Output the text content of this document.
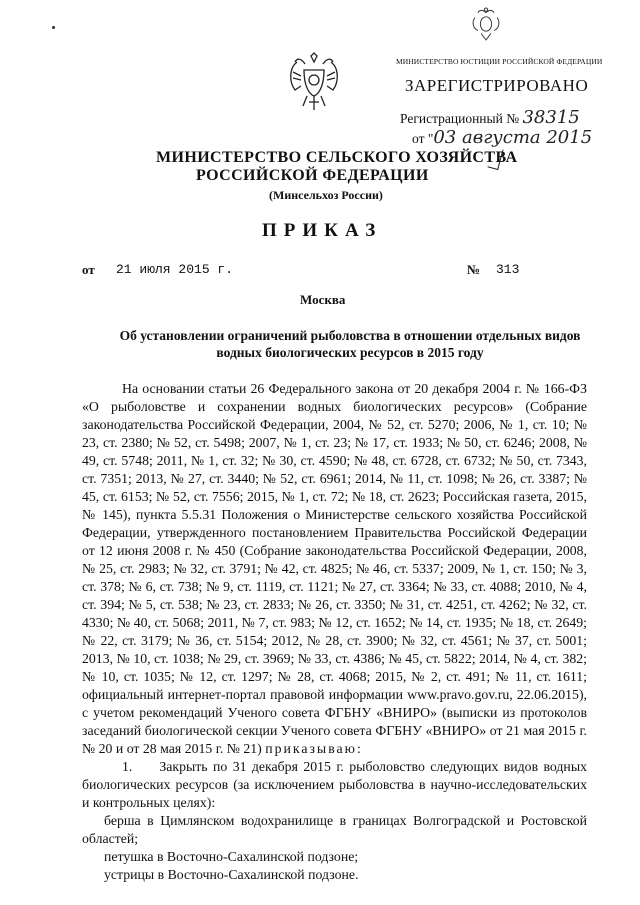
МИНИСТЕРСТВО ЮСТИЦИИ РОССИЙСКОЙ ФЕДЕРАЦИИ
ЗАРЕГИСТРИРОВАНО
Регистрационный № 38315
от "03 августа 2015
МИНИСТЕРСТВО СЕЛЬСКОГО ХОЗЯЙСТВА
РОССИЙСКОЙ ФЕДЕРАЦИИ
(Минсельхоз России)
ПРИКАЗ
от 21 июля 2015 г.	№ 313
Москва
Об установлении ограничений рыболовства в отношении отдельных видов водных биологических ресурсов в 2015 году

На основании статьи 26 Федерального закона от 20 декабря 2004 г. № 166-ФЗ «О рыболовстве и сохранении водных биологических ресурсов» (Собрание законодательства Российской Федерации, 2004, № 52, ст. 5270; 2006, № 1, ст. 10; № 23, ст. 2380; № 52, ст. 5498; 2007, № 1, ст. 23; № 17, ст. 1933; № 50, ст. 6246; 2008, № 49, ст. 5748; 2011, № 1, ст. 32; № 30, ст. 4590; № 48, ст. 6728, ст. 6732; № 50, ст. 7343, ст. 7351; 2013, № 27, ст. 3440; № 52, ст. 6961; 2014, № 11, ст. 1098; № 26, ст. 3387; № 45, ст. 6153; № 52, ст. 7556; 2015, № 1, ст. 72; № 18, ст. 2623; Российская газета, 2015, № 145), пункта 5.5.31 Положения о Министерстве сельского хозяйства Российской Федерации, утвержденного постановлением Правительства Российской Федерации от 12 июня 2008 г. № 450 (Собрание законодательства Российской Федерации, 2008, № 25, ст. 2983; № 32, ст. 3791; № 42, ст. 4825; № 46, ст. 5337; 2009, № 1, ст. 150; № 3, ст. 378; № 6, ст. 738; № 9, ст. 1119, ст. 1121; № 27, ст. 3364; № 33, ст. 4088; 2010, № 4, ст. 394; № 5, ст. 538; № 23, ст. 2833; № 26, ст. 3350; № 31, ст. 4251, ст. 4262; № 32, ст. 4330; № 40, ст. 5068; 2011, № 7, ст. 983; № 12, ст. 1652; № 14, ст. 1935; № 18, ст. 2649; № 22, ст. 3179; № 36, ст. 5154; 2012, № 28, ст. 3900; № 32, ст. 4561; № 37, ст. 5001; 2013, № 10, ст. 1038; № 29, ст. 3969; № 33, ст. 4386; № 45, ст. 5822; 2014, № 4, ст. 382; № 10, ст. 1035; № 12, ст. 1297; № 28, ст. 4068; 2015, № 2, ст. 491; № 11, ст. 1611; официальный интернет-портал правовой информации www.pravo.gov.ru, 22.06.2015), с учетом рекомендаций Ученого совета ФГБНУ «ВНИРО» (выписки из протоколов заседаний биологической секции Ученого совета ФГБНУ «ВНИРО» от 21 мая 2015 г. № 20 и от 28 мая 2015 г. № 21) приказываю:

1.     Закрыть по 31 декабря 2015 г. рыболовство следующих видов водных биологических ресурсов (за исключением рыболовства в научно-исследовательских и контрольных целях):

берша в Цимлянском водохранилище в границах Волгоградской и Ростовской областей;

петушка в Восточно-Сахалинской подзоне;

устрицы в Восточно-Сахалинской подзоне.
